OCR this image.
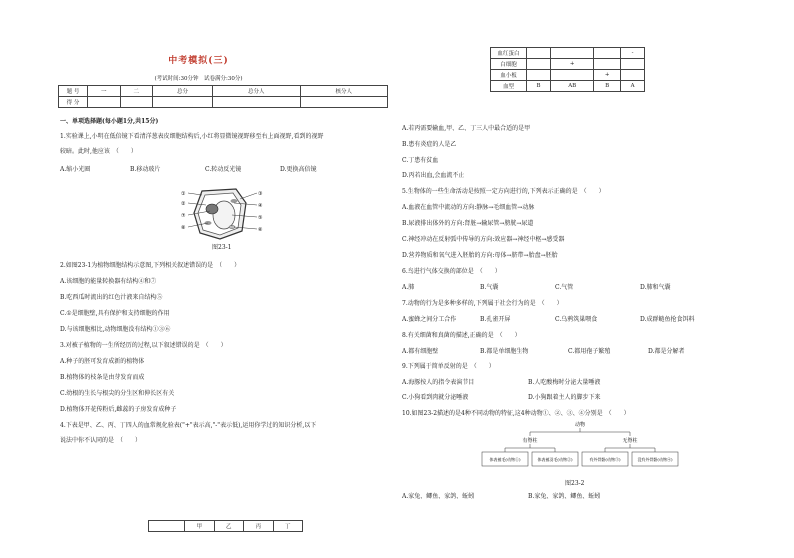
中考模拟(三)
(考试时间:30分钟　试卷满分:30分)
题 号	一	二	总分	总分人	核分人
得 分					
一、单项选择题(每小题1分,共15分)
1.实验课上,小明在低倍镜下看清洋葱表皮细胞结构后,小红将显微镜视野移至右上面视野,看到的视野
较暗。此时,他应该　（　　）
A.缩小光圈	B.移动玻片	C.转动反光镜	D.更换高倍镜
①
②
⑦
⑧
③
④
⑤
⑥
图23-1
2.如图23-1为植物细胞结构示意图,下列相关叙述错误的是　（　　）
A.该细胞的能量转换器有结构④和⑦
B.吃西瓜时流出的红色汁液来自结构⑤
C.①是细胞壁,具有保护和支持细胞的作用
D.与该细胞相比,动物细胞没有结构①③⑥
3.对被子植物的一生所经历的过程,以下叙述错误的是　（　　）
A.种子的胚可发育成新的植物体
B.植物体的枝条是由芽发育而成
C.幼根的生长与根尖的分生区和伸长区有关
D.植物体开花传粉后,雌蕊的子房发育成种子
4.下表是甲、乙、丙、丁四人的血常规化验表("+"表示高,"-"表示低),运用你学过的知识分析,以下
说法中你不认同的是　（　　）
	甲	乙	丙	丁
血红蛋白				-
白细胞		+		
血小板			+	
血型	B	AB	B	A
A.若丙需要输血,甲、乙、丁三人中最合适的是甲
B.患有炎症的人是乙
C.丁患有贫血
D.丙若出血,会血流不止
5.生物体的一些生命活动是按照一定方向进行的,下列表示正确的是　（　　）
A.血液在血管中流动的方向:静脉→毛细血管→动脉
B.尿液排出体外的方向:肾脏→输尿管→膀胱→尿道
C.神经冲动在反射弧中传导的方向:效应器→神经中枢→感受器
D.营养物质和氧气进入胚胎的方向:母体→脐带→胎盘→胚胎
6.鸟进行气体交换的部位是　（　　）
A.肺	B.气囊	C.气管	D.肺和气囊
7.动物的行为是多种多样的,下列属于社会行为的是　（　　）
A.蜜蜂之间分工合作	B.孔雀开屏	C.乌鸦筑巢喂食	D.成群鲢鱼抢食饵料
8.有关细菌和真菌的描述,正确的是　（　　）
A.都有细胞壁	B.都是单细胞生物	C.都用孢子繁殖	D.都是分解者
9.下列属于简单反射的是　（　　）
A.海豚按人的指令表演节目	B.人吃酸梅时分泌大量唾液
C.小狗看到肉就分泌唾液	D.小狗跟着主人的脚步下来
10.如图23-2描述的是4种不同动物的特征,这4种动物①、②、③、④分别是　（　　）
动物
有脊柱	无脊柱
体表被毛(动物①)	体表被羽毛(动物②)	有外骨骼(动物③)	没有外骨骼(动物④)
图23-2
A.家兔、鲫鱼、家鸽、蚯蚓	B.家兔、家鸽、鲫鱼、蚯蚓
